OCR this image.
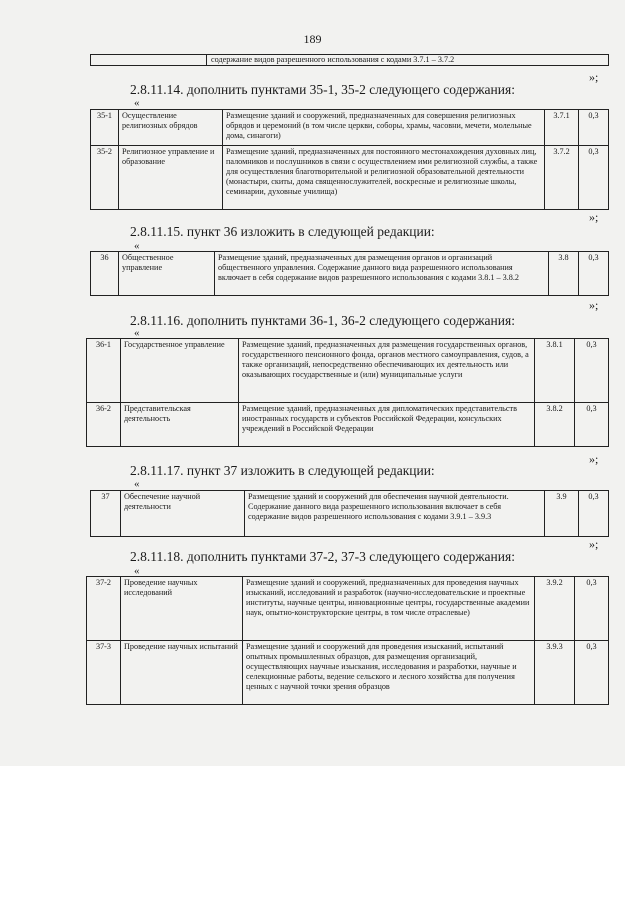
189
	содержание видов разрешенного использования с кодами 3.7.1 – 3.7.2
»;
2.8.11.14. дополнить пунктами 35-1, 35-2 следующего содержания:
«
35-1	Осуществление религиозных обрядов	Размещение зданий и сооружений, предназначенных для совершения религиозных обрядов и церемоний (в том числе церкви, соборы, храмы, часовни, мечети, молельные дома, синагоги)	3.7.1	0,3
35-2	Религиозное управление и образование	Размещение зданий, предназначенных для постоянного местонахождения духовных лиц, паломников и послушников в связи с осуществлением ими религиозной службы, а также для осуществления благотворительной и религиозной образовательной деятельности (монастыри, скиты, дома священнослужителей, воскресные и религиозные школы, семинарии, духовные училища)	3.7.2	0,3
»;
2.8.11.15. пункт 36 изложить в следующей редакции:
«
36	Общественное управление	Размещение зданий, предназначенных для размещения органов и организаций общественного управления. Содержание данного вида разрешенного использования включает в себя содержание видов разрешенного использования с кодами 3.8.1 – 3.8.2	3.8	0,3
»;
2.8.11.16. дополнить пунктами 36-1, 36-2 следующего содержания:
«
36-1	Государственное управление	Размещение зданий, предназначенных для размещения государственных органов, государственного пенсионного фонда, органов местного самоуправления, судов, а также организаций, непосредственно обеспечивающих их деятельность или оказывающих государственные и (или) муниципальные услуги	3.8.1	0,3
36-2	Представительская деятельность	Размещение зданий, предназначенных для дипломатических представительств иностранных государств и субъектов Российской Федерации, консульских учреждений в Российской Федерации	3.8.2	0,3
»;
2.8.11.17. пункт 37 изложить в следующей редакции:
«
37	Обеспечение научной деятельности	Размещение зданий и сооружений для обеспечения научной деятельности. Содержание данного вида разрешенного использования включает в себя содержание видов разрешенного использования с кодами 3.9.1 – 3.9.3	3.9	0,3
»;
2.8.11.18. дополнить пунктами 37-2, 37-3 следующего содержания:
«
37-2	Проведение научных исследований	Размещение зданий и сооружений, предназначенных для проведения научных изысканий, исследований и разработок (научно-исследовательские и проектные институты, научные центры, инновационные центры, государственные академии наук, опытно-конструкторские центры, в том числе отраслевые)	3.9.2	0,3
37-3	Проведение научных испытаний	Размещение зданий и сооружений для проведения изысканий, испытаний опытных промышленных образцов, для размещения организаций, осуществляющих научные изыскания, исследования и разработки, научные и селекционные работы, ведение сельского и лесного хозяйства для получения ценных с научной точки зрения образцов	3.9.3	0,3
